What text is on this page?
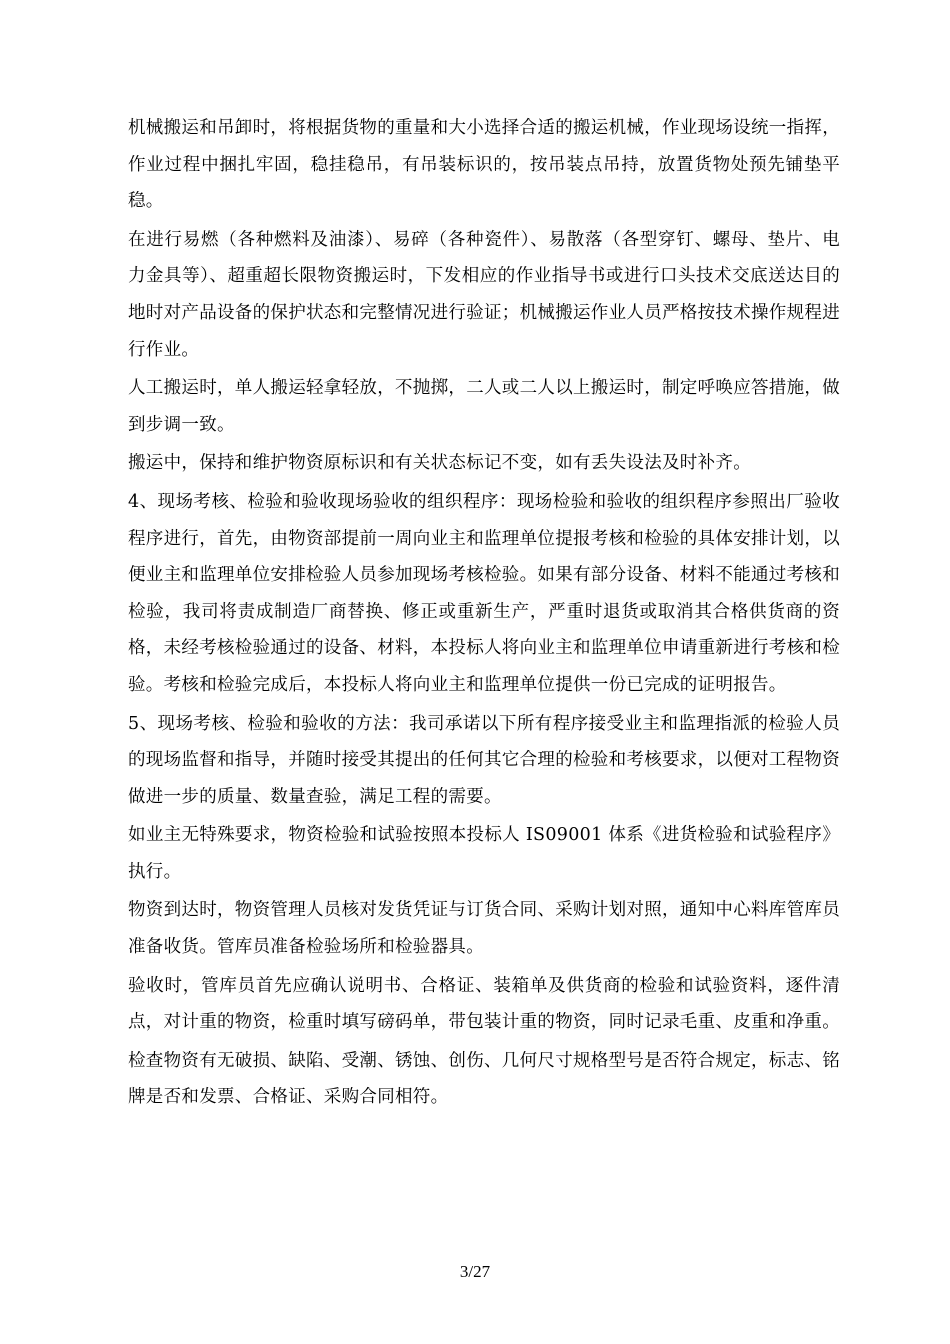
机械搬运和吊卸时，将根据货物的重量和大小选择合适的搬运机械，作业现场设统一指挥，作业过程中捆扎牢固，稳挂稳吊，有吊装标识的，按吊装点吊持，放置货物处预先铺垫平稳。

在进行易燃（各种燃料及油漆）、易碎（各种瓷件）、易散落（各型穿钉、螺母、垫片、电力金具等）、超重超长限物资搬运时，下发相应的作业指导书或进行口头技术交底送达目的地时对产品设备的保护状态和完整情况进行验证；机械搬运作业人员严格按技术操作规程进行作业。

人工搬运时，单人搬运轻拿轻放，不抛掷，二人或二人以上搬运时，制定呼唤应答措施，做到步调一致。

搬运中，保持和维护物资原标识和有关状态标记不变，如有丢失设法及时补齐。

4、现场考核、检验和验收现场验收的组织程序：现场检验和验收的组织程序参照出厂验收程序进行，首先，由物资部提前一周向业主和监理单位提报考核和检验的具体安排计划，以便业主和监理单位安排检验人员参加现场考核检验。如果有部分设备、材料不能通过考核和检验，我司将责成制造厂商替换、修正或重新生产，严重时退货或取消其合格供货商的资格，未经考核检验通过的设备、材料，本投标人将向业主和监理单位申请重新进行考核和检验。考核和检验完成后，本投标人将向业主和监理单位提供一份已完成的证明报告。

5、现场考核、检验和验收的方法：我司承诺以下所有程序接受业主和监理指派的检验人员的现场监督和指导，并随时接受其提出的任何其它合理的检验和考核要求，以便对工程物资做进一步的质量、数量查验，满足工程的需要。

如业主无特殊要求，物资检验和试验按照本投标人 IS09001 体系《进货检验和试验程序》执行。

物资到达时，物资管理人员核对发货凭证与订货合同、采购计划对照，通知中心料库管库员准备收货。管库员准备检验场所和检验器具。

验收时，管库员首先应确认说明书、合格证、装箱单及供货商的检验和试验资料，逐件清点，对计重的物资，检重时填写磅码单，带包装计重的物资，同时记录毛重、皮重和净重。

检查物资有无破损、缺陷、受潮、锈蚀、创伤、几何尺寸规格型号是否符合规定，标志、铭牌是否和发票、合格证、采购合同相符。

3/27
